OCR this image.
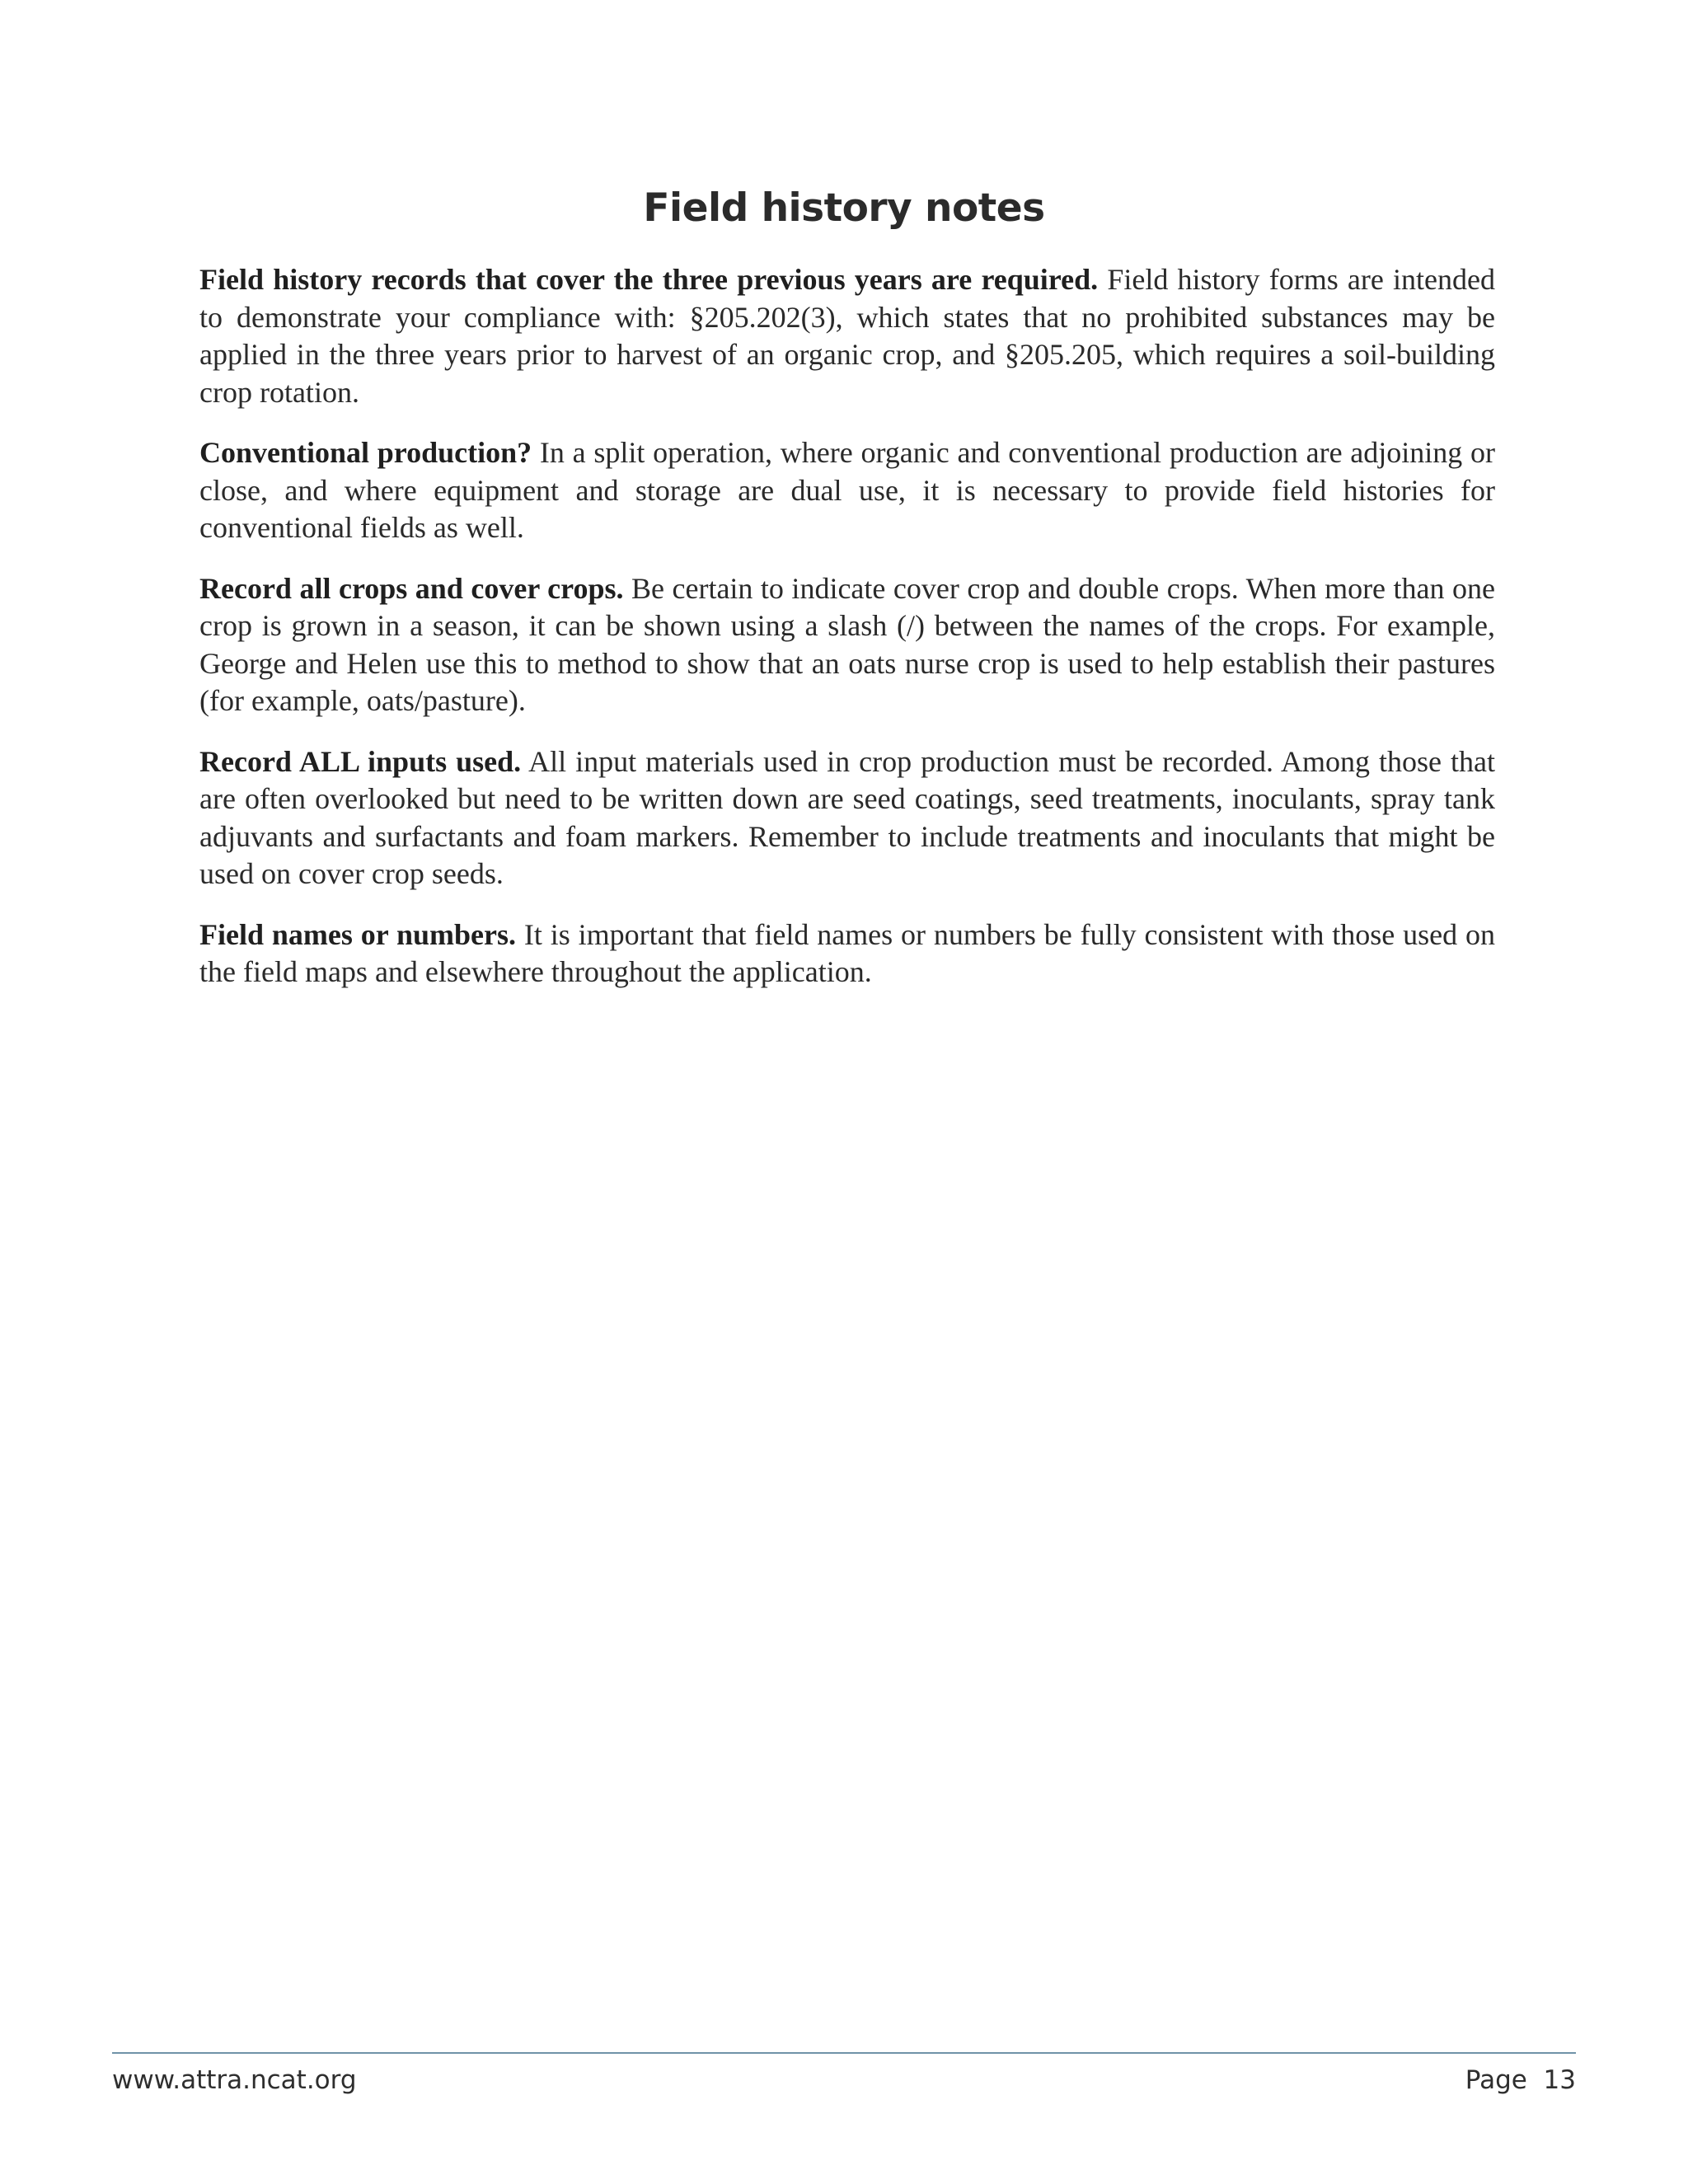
Field history notes

Field history records that cover the three previous years are required. Field history forms are intended to demonstrate your compliance with: §205.202(3), which states that no prohibited substances may be applied in the three years prior to harvest of an organic crop, and §205.205, which requires a soil-building crop rotation.

Conventional production? In a split operation, where organic and conventional production are adjoining or close, and where equipment and storage are dual use, it is necessary to provide field histories for conventional fields as well.

Record all crops and cover crops. Be certain to indicate cover crop and double crops. When more than one crop is grown in a season, it can be shown using a slash (/) between the names of the crops. For example, George and Helen use this to method to show that an oats nurse crop is used to help establish their pastures (for example, oats/pasture).

Record ALL inputs used. All input materials used in crop production must be recorded. Among those that are often overlooked but need to be written down are seed coatings, seed treatments, inoculants, spray tank adjuvants and surfactants and foam markers. Remember to include treatments and inoculants that might be used on cover crop seeds.

Field names or numbers. It is important that field names or numbers be fully consistent with those used on the field maps and elsewhere throughout the application.

www.attra.ncat.org	Page  13
